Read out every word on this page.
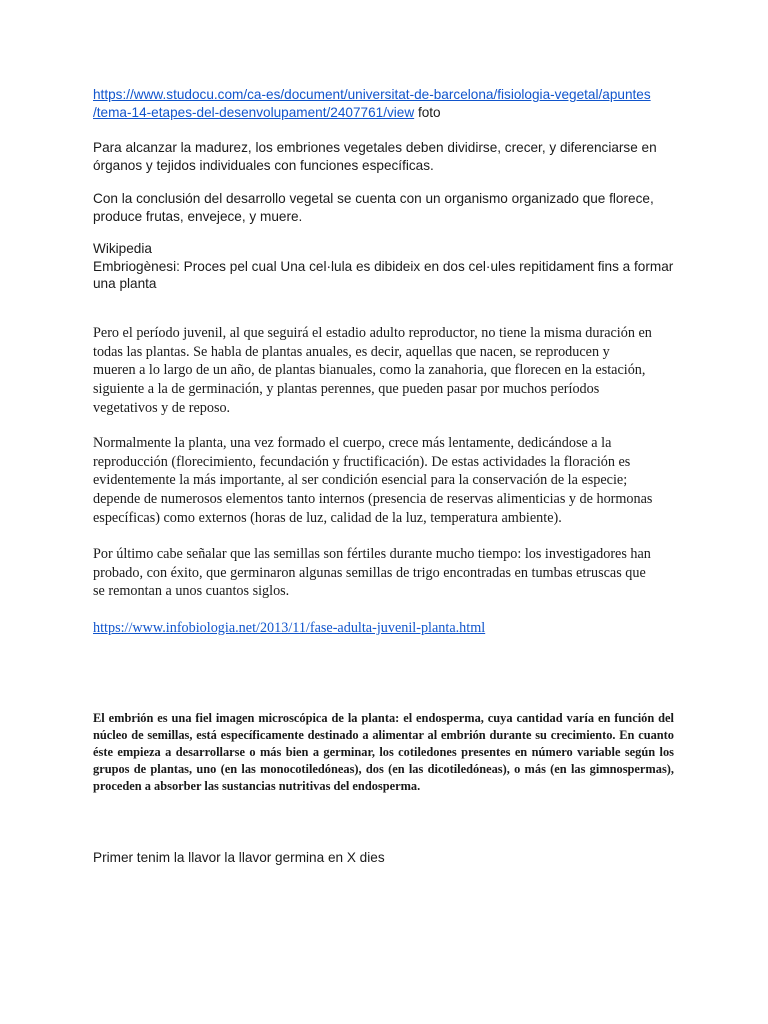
https://www.studocu.com/ca-es/document/universitat-de-barcelona/fisiologia-vegetal/apuntes
/tema-14-etapes-del-desenvolupament/2407761/view foto

Para alcanzar la madurez, los embriones vegetales deben dividirse, crecer, y diferenciarse en órganos y tejidos individuales con funciones específicas.

Con la conclusión del desarrollo vegetal se cuenta con un organismo organizado que florece, produce frutas, envejece, y muere.

Wikipedia
Embriogènesi: Proces pel cual Una cel·lula es dibideix en dos cel·ules repitidament fins a formar una planta

Pero el período juvenil, al que seguirá el estadio adulto reproductor, no tiene la misma duración en todas las plantas. Se habla de plantas anuales, es decir, aquellas que nacen, se reproducen y mueren a lo largo de un año, de plantas bianuales, como la zanahoria, que florecen en la estación, siguiente a la de germinación, y plantas perennes, que pueden pasar por muchos períodos vegetativos y de reposo.

Normalmente la planta, una vez formado el cuerpo, crece más lentamente, dedicándose a la reproducción (florecimiento, fecundación y fructificación). De estas actividades la floración es evidentemente la más importante, al ser condición esencial para la conservación de la especie; depende de numerosos elementos tanto internos (presencia de reservas alimenticias y de hormonas específicas) como externos (horas de luz, calidad de la luz, temperatura ambiente).

Por último cabe señalar que las semillas son fértiles durante mucho tiempo: los investigadores han probado, con éxito, que germinaron algunas semillas de trigo encontradas en tumbas etruscas que se remontan a unos cuantos siglos.

https://www.infobiologia.net/2013/11/fase-adulta-juvenil-planta.html

El embrión es una fiel imagen microscópica de la planta: el endosperma, cuya cantidad varía en función del núcleo de semillas, está específicamente destinado a alimentar al embrión durante su crecimiento. En cuanto éste empieza a desarrollarse o más bien a germinar, los cotiledones presentes en número variable según los grupos de plantas, uno (en las monocotiledóneas), dos (en las dicotiledóneas), o más (en las gimnospermas), proceden a absorber las sustancias nutritivas del endosperma.

Primer tenim la llavor la llavor germina en X dies
